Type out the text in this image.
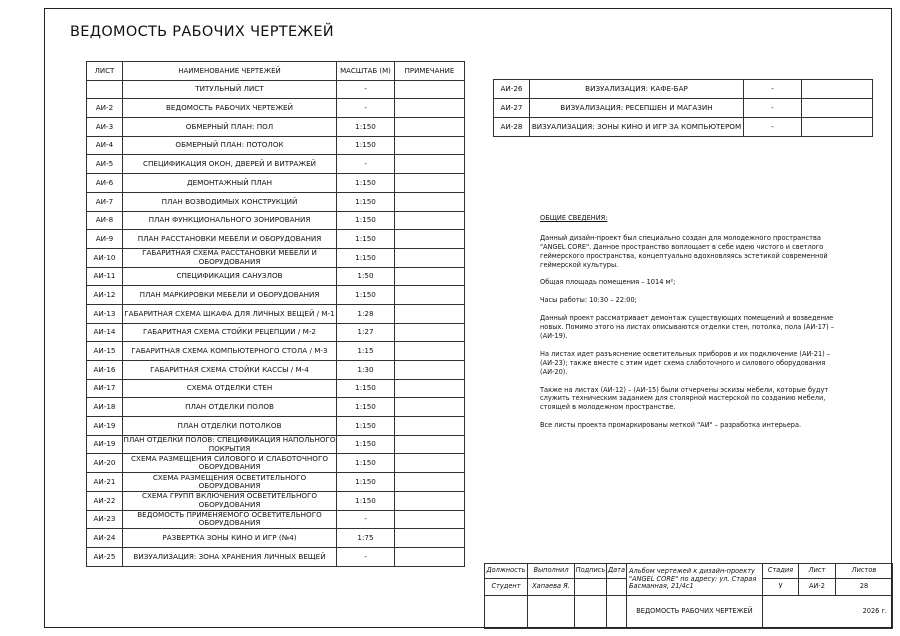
ВЕДОМОСТЬ РАБОЧИХ ЧЕРТЕЖЕЙ
ЛИСТ	НАИМЕНОВАНИЕ ЧЕРТЕЖЕЙ	МАСШТАБ (М)	ПРИМЕЧАНИЕ
	ТИТУЛЬНЫЙ ЛИСТ	-	
АИ-2	ВЕДОМОСТЬ РАБОЧИХ ЧЕРТЕЖЕЙ	-	
АИ-3	ОБМЕРНЫЙ ПЛАН: ПОЛ	1:150	
АИ-4	ОБМЕРНЫЙ ПЛАН: ПОТОЛОК	1:150	
АИ-5	СПЕЦИФИКАЦИЯ ОКОН, ДВЕРЕЙ И ВИТРАЖЕЙ	-	
АИ-6	ДЕМОНТАЖНЫЙ ПЛАН	1:150	
АИ-7	ПЛАН ВОЗВОДИМЫХ КОНСТРУКЦИЙ	1:150	
АИ-8	ПЛАН ФУНКЦИОНАЛЬНОГО ЗОНИРОВАНИЯ	1:150	
АИ-9	ПЛАН РАССТАНОВКИ МЕБЕЛИ И ОБОРУДОВАНИЯ	1:150	
АИ-10	ГАБАРИТНАЯ СХЕМА РАССТАНОВКИ МЕБЕЛИ И ОБОРУДОВАНИЯ	1:150	
АИ-11	СПЕЦИФИКАЦИЯ САНУЗЛОВ	1:50	
АИ-12	ПЛАН МАРКИРОВКИ МЕБЕЛИ И ОБОРУДОВАНИЯ	1:150	
АИ-13	ГАБАРИТНАЯ СХЕМА ШКАФА ДЛЯ ЛИЧНЫХ ВЕЩЕЙ / М-1	1:28	
АИ-14	ГАБАРИТНАЯ СХЕМА СТОЙКИ РЕЦЕПЦИИ / М-2	1:27	
АИ-15	ГАБАРИТНАЯ СХЕМА КОМПЬЮТЕРНОГО СТОЛА / М-3	1:15	
АИ-16	ГАБАРИТНАЯ СХЕМА СТОЙКИ КАССЫ / М-4	1:30	
АИ-17	СХЕМА ОТДЕЛКИ СТЕН	1:150	
АИ-18	ПЛАН ОТДЕЛКИ ПОЛОВ	1:150	
АИ-19	ПЛАН ОТДЕЛКИ ПОТОЛКОВ	1:150	
АИ-19	ПЛАН ОТДЕЛКИ ПОЛОВ: СПЕЦИФИКАЦИЯ НАПОЛЬНОГО ПОКРЫТИЯ	1:150	
АИ-20	СХЕМА РАЗМЕЩЕНИЯ СИЛОВОГО И СЛАБОТОЧНОГО ОБОРУДОВАНИЯ	1:150	
АИ-21	СХЕМА РАЗМЕЩЕНИЯ ОСВЕТИТЕЛЬНОГО ОБОРУДОВАНИЯ	1:150	
АИ-22	СХЕМА ГРУПП ВКЛЮЧЕНИЯ ОСВЕТИТЕЛЬНОГО ОБОРУДОВАНИЯ	1:150	
АИ-23	ВЕДОМОСТЬ ПРИМЕНЯЕМОГО ОСВЕТИТЕЛЬНОГО ОБОРУДОВАНИЯ	-	
АИ-24	РАЗВЕРТКА ЗОНЫ КИНО И ИГР (№4)	1:75	
АИ-25	ВИЗУАЛИЗАЦИЯ: ЗОНА ХРАНЕНИЯ ЛИЧНЫХ ВЕЩЕЙ	-	
АИ-26	ВИЗУАЛИЗАЦИЯ: КАФЕ-БАР	-	
АИ-27	ВИЗУАЛИЗАЦИЯ: РЕСЕПШЕН И МАГАЗИН	-	
АИ-28	ВИЗУАЛИЗАЦИЯ: ЗОНЫ КИНО И ИГР ЗА КОМПЬЮТЕРОМ	-	
ОБЩИЕ СВЕДЕНИЯ:

Данный дизайн-проект был специально создан для молодежного пространства "ANGEL CORE". Данное пространство воплощает в себе идею чистого и светлого геймерского пространства, концептуально вдохновляясь эстетикой современной геймерской культуры.

Общая площадь помещения – 1014 м²;

Часы работы: 10:30 – 22:00;

Данный проект рассматривает демонтаж существующих помещений и возведение новых. Помимо этого на листах описываются отделки стен, потолка, пола (АИ-17) – (АИ-19).

На листах идет разъяснение осветительных приборов и их подключение (АИ-21) – (АИ-23); также вместе с этим идет схема слаботочного и силового оборудования (АИ-20).

Также на листах (АИ-12) – (АИ-15) были отчерчены эскизы мебели, которые будут служить техническим заданием для столярной мастерской по созданию мебели, стоящей в молодежном пространстве.

Все листы проекта промаркированы меткой "АИ" – разработка интерьера.

Должность	Выполнил	Подпись	Дата	Альбом чертежей к дизайн-проекту "ANGEL CORE" по адресу: ул. Старая Басманная, 21/4с1	Стадия	Лист	Листов
Студент	Хапаева Я.				У	АИ-2	28
				ВЕДОМОСТЬ РАБОЧИХ ЧЕРТЕЖЕЙ	2026 г.		
